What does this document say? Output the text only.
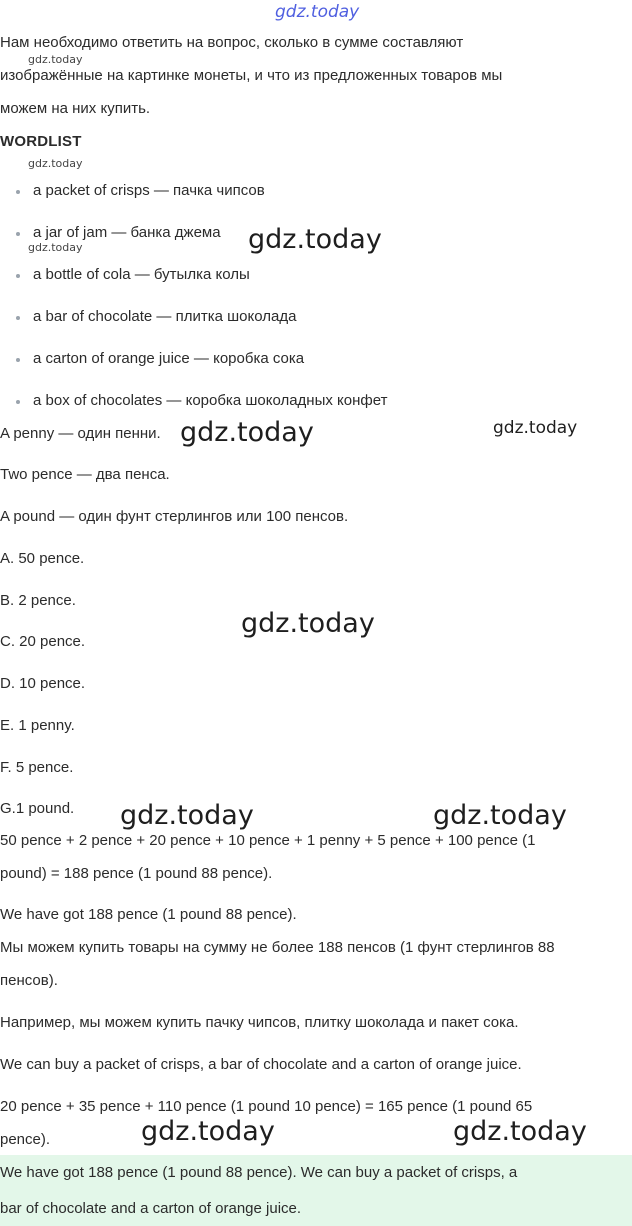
gdz.today
Нам необходимо ответить на вопрос, сколько в сумме составляют
изображённые на картинке монеты, и что из предложенных товаров мы
можем на них купить.
gdz.today
WORDLIST
gdz.today
a packet of crisps — пачка чипсов
a jar of jam — банка джема
a bottle of cola — бутылка колы
a bar of chocolate — плитка шоколада
a carton of orange juice — коробка сока
a box of chocolates — коробка шоколадных конфет
gdz.today	gdz.today
A penny — один пенни. gdz.today	gdz.today
Two pence — два пенса.
A pound — один фунт стерлингов или 100 пенсов.
A. 50 pence.
B. 2 pence.
C. 20 pence.
gdz.today
D. 10 pence.
E. 1 penny.
F. 5 pence.
G.1 pound. gdz.today	gdz.today
50 pence + 2 pence + 20 pence + 10 pence + 1 penny + 5 pence + 100 pence (1
pound) = 188 pence (1 pound 88 pence).
We have got 188 pence (1 pound 88 pence).
Мы можем купить товары на сумму не более 188 пенсов (1 фунт стерлингов 88
пенсов).
Например, мы можем купить пачку чипсов, плитку шоколада и пакет сока.
We can buy a packet of crisps, a bar of chocolate and a carton of orange juice.
20 pence + 35 pence + 110 pence (1 pound 10 pence) = 165 pence (1 pound 65
pence).
We have got 188 pence (1 pound 88 pence). We can buy a packet of crisps, a
bar of chocolate and a carton of orange juice.
gdz.today	gdz.today
